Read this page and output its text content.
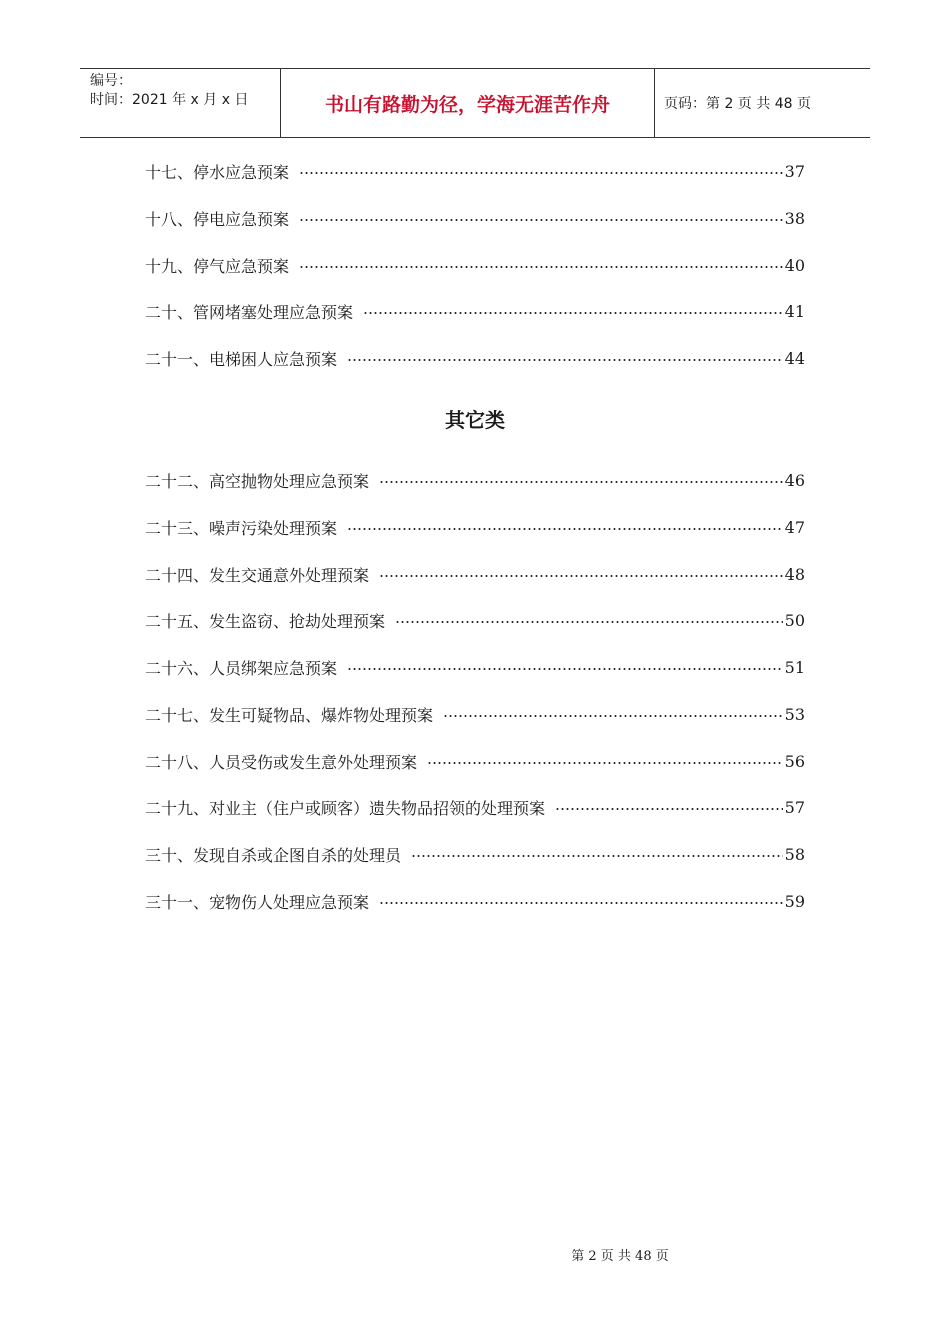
编号：
时间：2021 年 x 月 x 日	书山有路勤为径，学海无涯苦作舟	页码：第 2 页 共 48 页
十七、停水应急预案	37
十八、停电应急预案	38
十九、停气应急预案	40
二十、管网堵塞处理应急预案	41
二十一、电梯困人应急预案	44
其它类
二十二、高空抛物处理应急预案	46
二十三、噪声污染处理预案	47
二十四、发生交通意外处理预案	48
二十五、发生盗窃、抢劫处理预案	50
二十六、人员绑架应急预案	51
二十七、发生可疑物品、爆炸物处理预案	53
二十八、人员受伤或发生意外处理预案	56
二十九、对业主（住户或顾客）遗失物品招领的处理预案	57
三十、发现自杀或企图自杀的处理员	58
三十一、宠物伤人处理应急预案	59
第 2 页 共 48 页
